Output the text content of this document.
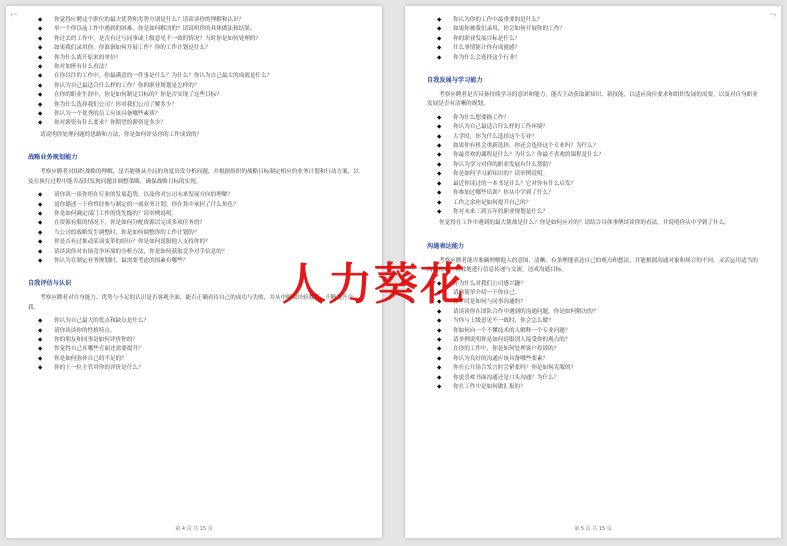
⌐
◆	你觉得应聘这个职位的最大优势和劣势分别是什么？请谈谈你的理解和认识？
◆ 举一个你以前工作中遇到的困难，你是如何解决的？请说明你的具体做法和结果。
◆ 你过去的工作中，是否有过与同事或上级意见不一致的情况？当时你是如何处理的？
◆ 如果我们录用你，你准备如何开展工作？你的工作计划是什么？
◆ 你为什么离开原来的单位？
◆ 你对加班有什么看法？
◆ 在你以往的工作中，你最满意的一件事是什么？为什么？你认为自己最大的成就是什么？
◆ 你认为自己最适合什么样的工作？你的职业规划是怎样的？
◆ 在你的职业生涯中，你是如何制定目标的？你是否实现了这些目标？
◆ 你为什么选择我们公司？你对我们公司了解多少？
◆ 你认为一个优秀的员工应该具备哪些素质？
◆ 你对薪资有什么要求？你期望的薪资是多少？
请说明你处理问题的思路和方法，你是如何评估你的工作成效的？
战略业务规划能力
考察应聘者对组织战略的理解，是否能够从全局的角度出发分析问题，并根据组织的战略目标制定相应的业务计划和行动方案，以及在执行过程中能否及时发现问题并调整策略，确保战略目标的实现。
◆ 请你谈一谈你所在行业的发展趋势，以及你对公司未来发展方向的理解？
◆ 请你描述一下你曾经参与制定的一项业务计划，你在其中承担了什么角色？
◆ 你是如何确定部门工作的优先级的？请举例说明。
◆ 在资源有限的情况下，你是如何分配资源以完成多项任务的？
◆ 当公司的战略发生调整时，你是如何调整你的工作计划的？
◆ 你是否有过推动某项变革的经历？你是如何说服他人支持你的？
◆ 请谈谈你对市场竞争环境的分析方法，你是如何获取竞争对手信息的？
◆ 你认为在制定业务规划时，最需要考虑的因素有哪些？
自我评估与认识
考察应聘者对自身能力、优势与不足的认识是否客观全面，能否正确看待自己的成功与失败，并从中吸取经验教训，不断提升自我。
◆ 你认为自己最大的优点和缺点是什么？
◆ 请你谈谈你的性格特点。
◆ 你的朋友和同事是如何评价你的？
◆ 你觉得自己在哪些方面还需要提升？
◆ 你是如何弥补自己的不足的？
◆ 你的上一位主管对你的评价是什么？
第 4 页 共 15 页
¬
◆ 你认为你的工作中最重要的是什么？
◆ 如果你被我们录用，你会如何开展你的工作？
◆ 你的职业发展目标是什么？
◆ 什么事情能让你有成就感？
◆ 你为什么会选择这个行业？
自我发展与学习能力
考察应聘者是否具备持续学习的意识和能力，能否主动获取新知识、新技能，以适应岗位要求和组织发展的需要，以及对自身职业发展是否有清晰的规划。
◆ 你为什么想要换工作？
◆ 你认为自己最适合什么样的工作环境？
◆ 大学时，你为什么选择这个专业？
◆ 如果你有机会重新选择，你还会选择这个专业吗？为什么？
◆ 你最喜欢的课程是什么？为什么？你最不喜欢的课程是什么？
◆ 你认为学习对你的职业发展有什么帮助？
◆ 你是如何学习新知识的？请举例说明。
◆ 最近你读过的一本书是什么？它对你有什么启发？
◆ 你参加过哪些培训？你从中学到了什么？
◆ 工作之余你是如何提升自己的？
◆ 你对未来三到五年的职业规划是什么？
你觉得在工作中遇到的最大挑战是什么？你是如何应对的？请结合具体事例谈谈你的看法，并说明你从中学到了什么。
沟通表达能力
考察应聘者能否准确理解他人的意图，清晰、有条理地表达自己的观点和想法，并能根据沟通对象和场合的不同，灵活运用适当的沟通方式，有效地进行信息传递与交流，达成沟通目标。
◆ 你为什么对我们公司感兴趣？
◆ 请你简单介绍一下你自己。
◆ 你平时是如何与同事沟通的？
◆ 请谈谈你在团队合作中遇到的沟通问题，你是如何解决的？
◆ 当你与上级意见不一致时，你会怎么做？
◆ 你如何向一个不懂技术的人解释一个专业问题？
◆ 请举例说明你是如何说服别人接受你的观点的？
◆ 在你的工作中，你是如何处理客户投诉的？
◆ 你认为良好的沟通应该具备哪些要素？
◆ 你在公开场合发言时会紧张吗？你是如何克服的？
◆ 你更喜欢书面沟通还是口头沟通？为什么？
◆ 你在工作中是如何做汇报的？
第 5 页 共 15 页
人力葵花
